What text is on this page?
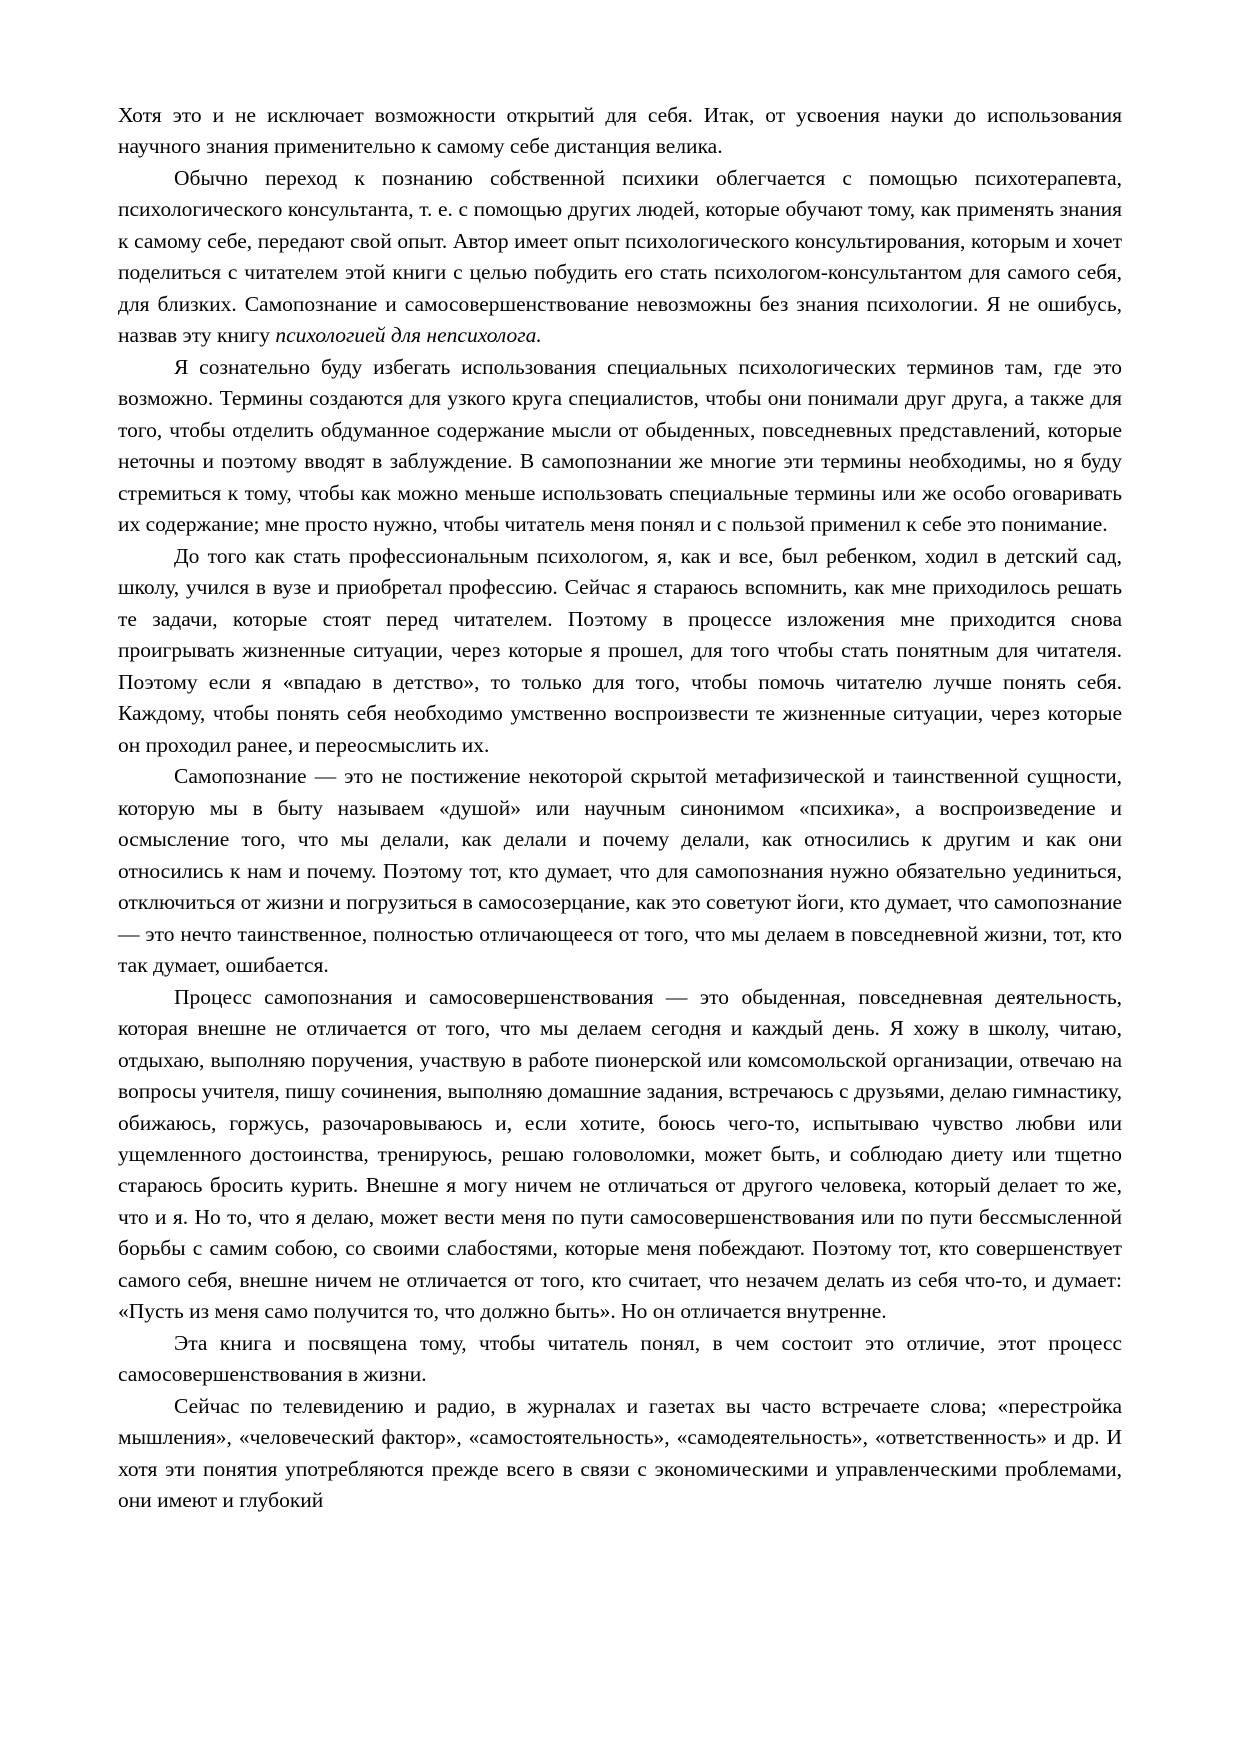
Хотя это и не исключает возможности открытий для себя. Итак, от усвоения науки до использования научного знания применительно к самому себе дистанция велика.

Обычно переход к познанию собственной психики облегчается с помощью психотерапевта, психологического консультанта, т. е. с помощью других людей, которые обучают тому, как применять знания к самому себе, передают свой опыт. Автор имеет опыт психологического консультирования, которым и хочет поделиться с читателем этой книги с целью побудить его стать психологом-консультантом для самого себя, для близких. Самопознание и самосовершенствование невозможны без знания психологии. Я не ошибусь, назвав эту книгу психологией для непсихолога.

Я сознательно буду избегать использования специальных психологических терминов там, где это возможно. Термины создаются для узкого круга специалистов, чтобы они понимали друг друга, а также для того, чтобы отделить обдуманное содержание мысли от обыденных, повседневных представлений, которые неточны и поэтому вводят в заблуждение. В самопознании же многие эти термины необходимы, но я буду стремиться к тому, чтобы как можно меньше использовать специальные термины или же особо оговаривать их содержание; мне просто нужно, чтобы читатель меня понял и с пользой применил к себе это понимание.

До того как стать профессиональным психологом, я, как и все, был ребенком, ходил в детский сад, школу, учился в вузе и приобретал профессию. Сейчас я стараюсь вспомнить, как мне приходилось решать те задачи, которые стоят перед читателем. Поэтому в процессе изложения мне приходится снова проигрывать жизненные ситуации, через которые я прошел, для того чтобы стать понятным для читателя. Поэтому если я «впадаю в детство», то только для того, чтобы помочь читателю лучше понять себя. Каждому, чтобы понять себя необходимо умственно воспроизвести те жизненные ситуации, через которые он проходил ранее, и переосмыслить их.

Самопознание — это не постижение некоторой скрытой метафизической и таинственной сущности, которую мы в быту называем «душой» или научным синонимом «психика», а воспроизведение и осмысление того, что мы делали, как делали и почему делали, как относились к другим и как они относились к нам и почему. Поэтому тот, кто думает, что для самопознания нужно обязательно уединиться, отключиться от жизни и погрузиться в самосозерцание, как это советуют йоги, кто думает, что самопознание — это нечто таинственное, полностью отличающееся от того, что мы делаем в повседневной жизни, тот, кто так думает, ошибается.

Процесс самопознания и самосовершенствования — это обыденная, повседневная деятельность, которая внешне не отличается от того, что мы делаем сегодня и каждый день. Я хожу в школу, читаю, отдыхаю, выполняю поручения, участвую в работе пионерской или комсомольской организации, отвечаю на вопросы учителя, пишу сочинения, выполняю домашние задания, встречаюсь с друзьями, делаю гимнастику, обижаюсь, горжусь, разочаровываюсь и, если хотите, боюсь чего-то, испытываю чувство любви или ущемленного достоинства, тренируюсь, решаю головоломки, может быть, и соблюдаю диету или тщетно стараюсь бросить курить. Внешне я могу ничем не отличаться от другого человека, который делает то же, что и я. Но то, что я делаю, может вести меня по пути самосовершенствования или по пути бессмысленной борьбы с самим собою, со своими слабостями, которые меня побеждают. Поэтому тот, кто совершенствует самого себя, внешне ничем не отличается от того, кто считает, что незачем делать из себя что-то, и думает: «Пусть из меня само получится то, что должно быть». Но он отличается внутренне.

Эта книга и посвящена тому, чтобы читатель понял, в чем состоит это отличие, этот процесс самосовершенствования в жизни.

Сейчас по телевидению и радио, в журналах и газетах вы часто встречаете слова; «перестройка мышления», «человеческий фактор», «самостоятельность», «самодеятельность», «ответственность» и др. И хотя эти понятия употребляются прежде всего в связи с экономическими и управленческими проблемами, они имеют и глубокий
